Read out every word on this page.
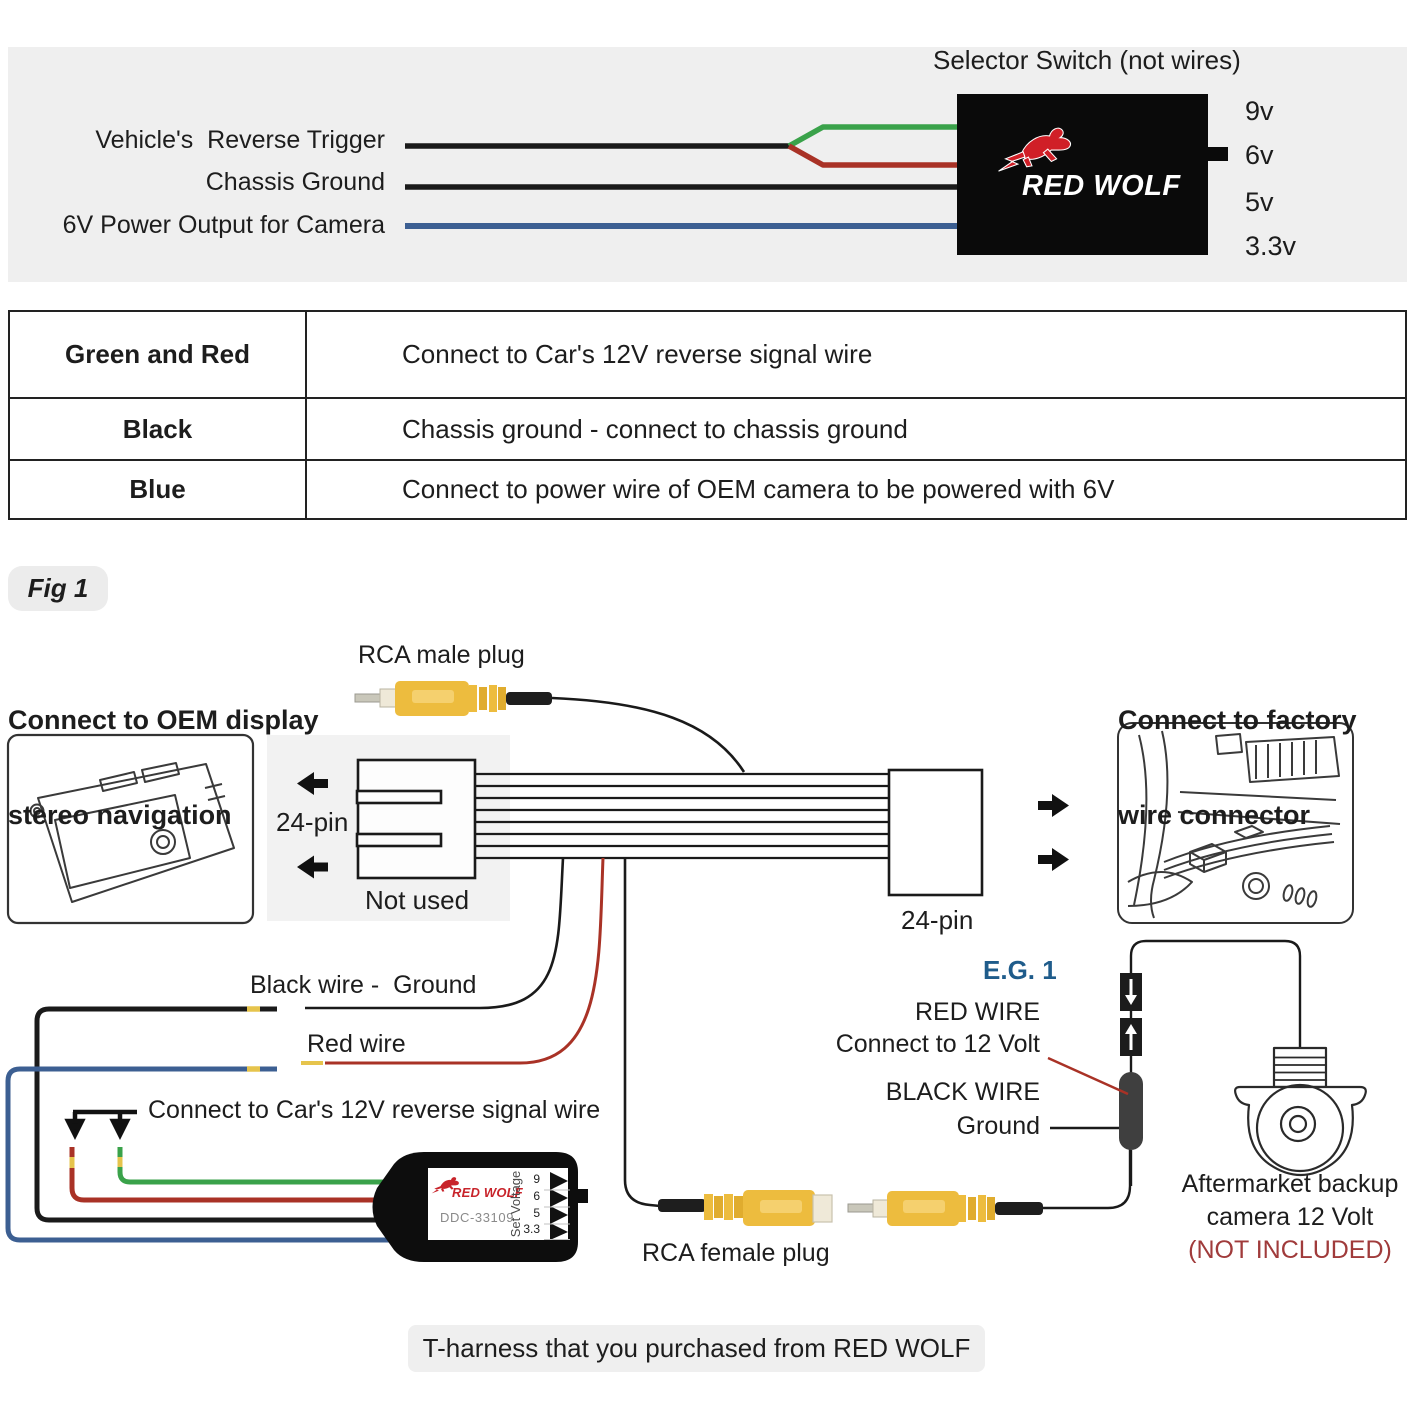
Selector Switch (not wires)
Vehicle's  Reverse Trigger
Chassis Ground
6V Power Output for Camera
RED WOLF
9v
6v
5v
3.3v
Green and Red	Connect to Car's 12V reverse signal wire
Black	Chassis ground - connect to chassis ground
Blue	Connect to power wire of OEM camera to be powered with 6V
Fig 1

Connect to OEM display

stereo navigation

RCA male plug

Connect to factory

wire connector

24-pin
Not used
24-pin
Black wire -  Ground
Red wire
Connect to Car's 12V reverse signal wire
E.G. 1
RED WIRE
Connect to 12 Volt
BLACK WIRE
Ground
RCA female plug
Aftermarket backup
camera 12 Volt
(NOT INCLUDED)
RED WOLF
DDC-33109
Set Voltage 9
6
5
3.3
T-harness that you purchased from RED WOLF
